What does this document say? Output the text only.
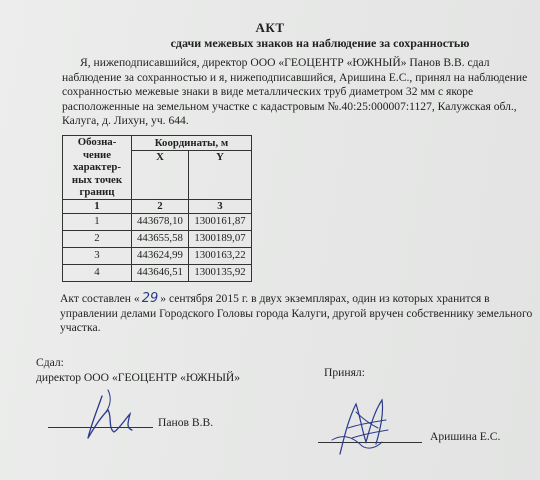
АКТ
сдачи межевых знаков на наблюдение за сохранностью

Я, нижеподписавшийся, директор ООО «ГЕОЦЕНТР «ЮЖНЫЙ» Панов В.В. сдал

наблюдение за сохранностью и я, нижеподписавшийся, Аришина Е.С., принял на наблюдение

сохранностью межевые знаки в виде металлических труб диаметром 32 мм с якоре

расположенные на земельном участке с кадастровым №.40:25:000007:1127, Калужская обл.,

Калуга, д. Лихун, уч. 644.

Обозна-
чение
характер-
ных точек
границ	Координаты, м	
	X	Y
1	2	3
1	443678,10	1300161,87
2	443655,58	1300189,07
3	443624,99	1300163,22
4	443646,51	1300135,92

Акт составлен « 29 » сентября 2015 г. в двух экземплярах, один из которых хранится в

управлении делами Городского Головы города Калуги, другой вручен собственнику земельного

участка.

Сдал:

директор ООО «ГЕОЦЕНТР «ЮЖНЫЙ»

Панов В.В.
Принял:
Аришина Е.С.
